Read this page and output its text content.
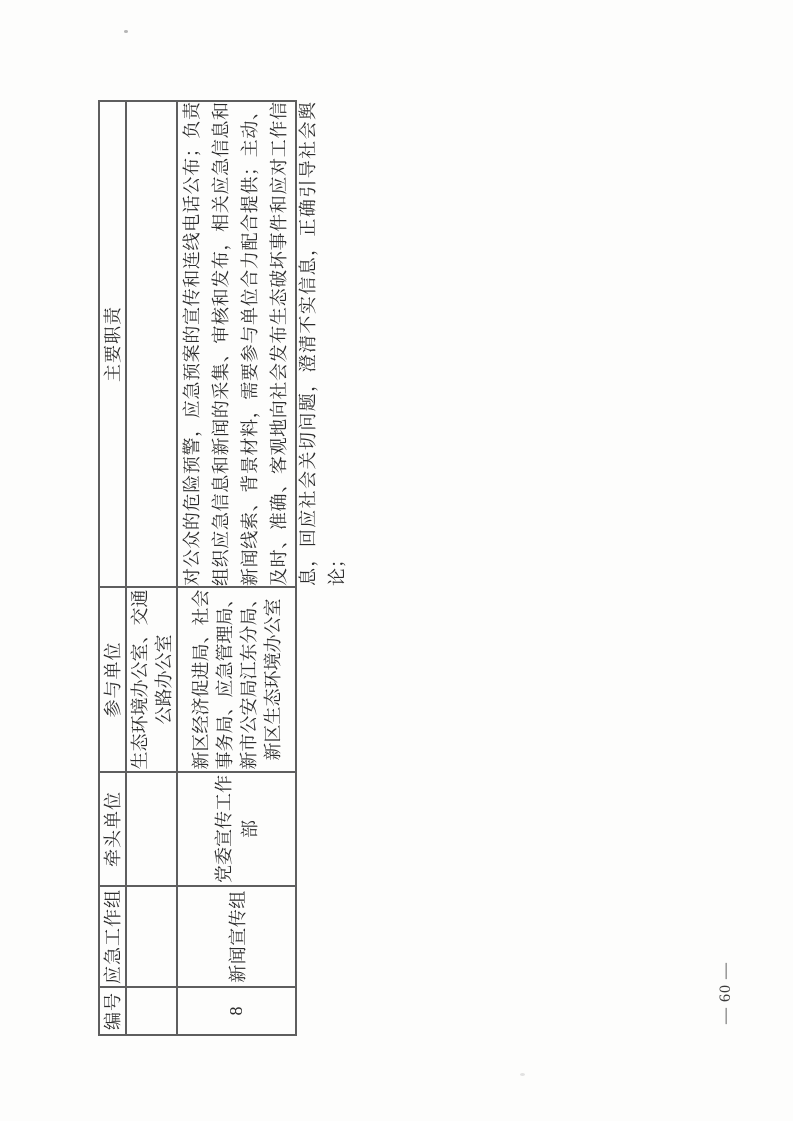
编号	应急工作组	牵头单位	参与单位	主要职责
			生态环境办公室、交通公路办公室	
8	新闻宣传组	党委宣传工作部	新区经济促进局、社会事务局、应急管理局、新市公安局江东分局、新区生态环境办公室	对公众的危险预警，应急预案的宣传和连线电话公布；负责组织应急信息和新闻的采集、审核和发布，相关应急信息和新闻线索、背景材料，需要参与单位合力配合提供；主动、及时、准确、客观地向社会发布生态破坏事件和应对工作信息，回应社会关切问题，澄清不实信息，正确引导社会舆论；
— 60 —
